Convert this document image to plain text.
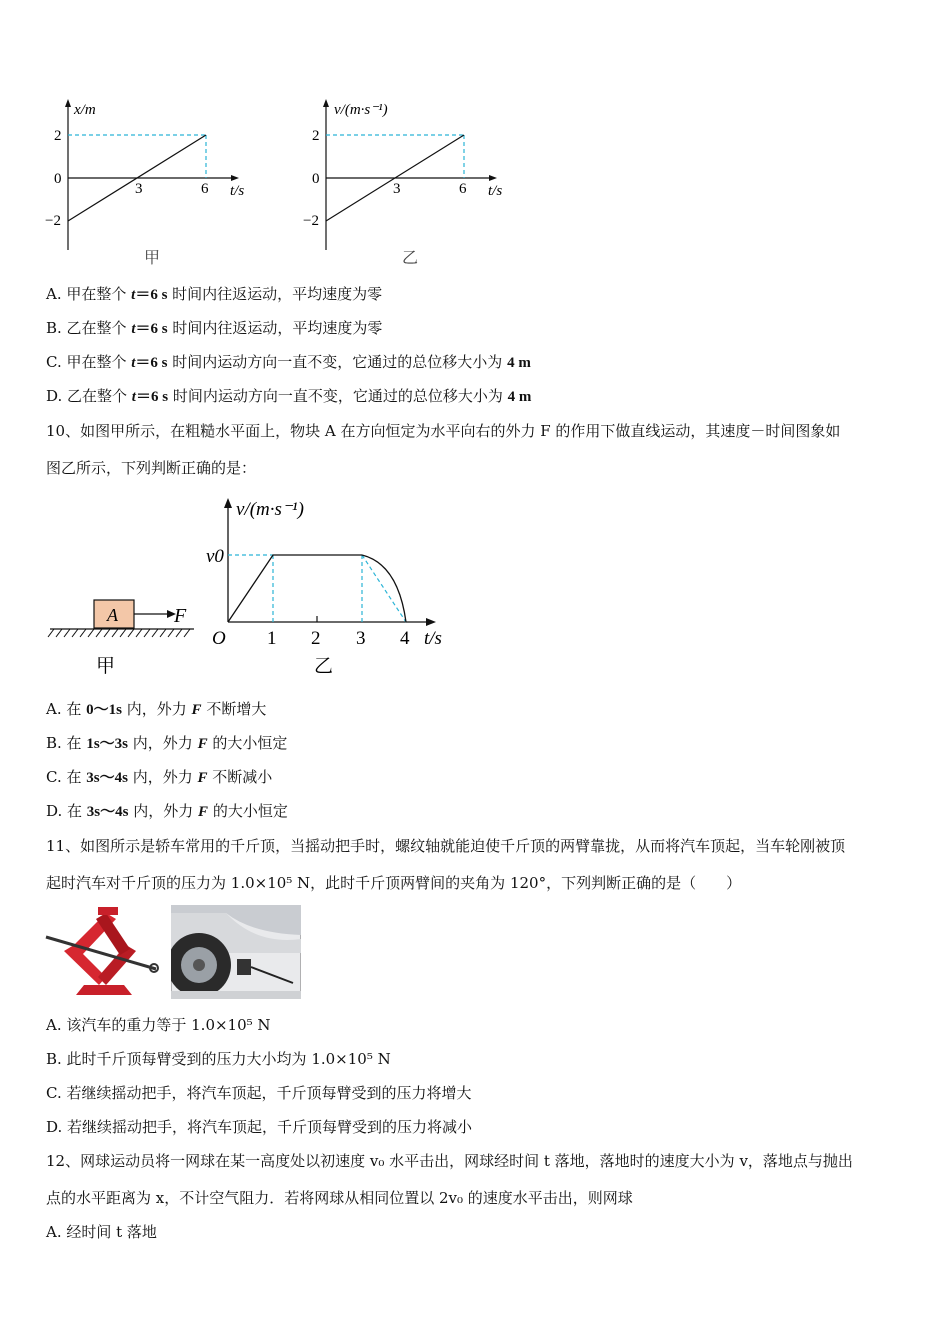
x/m
2
0
−2
3	6 t/s
甲
v/(m·s⁻¹)
2
0
−2
3	6 t/s
乙
A. 甲在整个 t＝6 s 时间内往返运动，平均速度为零
B. 乙在整个 t＝6 s 时间内往返运动，平均速度为零
C. 甲在整个 t＝6 s 时间内运动方向一直不变，它通过的总位移大小为 4 m
D. 乙在整个 t＝6 s 时间内运动方向一直不变，它通过的总位移大小为 4 m
10、如图甲所示，在粗糙水平面上，物块 A 在方向恒定为水平向右的外力 F 的作用下做直线运动，其速度－时间图象如
图乙所示，下列判断正确的是：
A	F
甲
v/(m·s⁻¹)
v0
O 1 2 3 4 t/s
乙
A. 在 0～1s 内，外力 F 不断增大
B. 在 1s～3s 内，外力 F 的大小恒定
C. 在 3s～4s 内，外力 F 不断减小
D. 在 3s～4s 内，外力 F 的大小恒定
11、如图所示是轿车常用的千斤顶，当摇动把手时，螺纹轴就能迫使千斤顶的两臂靠拢，从而将汽车顶起，当车轮刚被顶
起时汽车对千斤顶的压力为 1.0×10⁵ N，此时千斤顶两臂间的夹角为 120°，下列判断正确的是（　　）
A. 该汽车的重力等于 1.0×10⁵ N
B. 此时千斤顶每臂受到的压力大小均为 1.0×10⁵ N
C. 若继续摇动把手，将汽车顶起，千斤顶每臂受到的压力将增大
D. 若继续摇动把手，将汽车顶起，千斤顶每臂受到的压力将减小
12、网球运动员将一网球在某一高度处以初速度 v₀ 水平击出，网球经时间 t 落地，落地时的速度大小为 v，落地点与抛出
点的水平距离为 x，不计空气阻力．若将网球从相同位置以 2v₀ 的速度水平击出，则网球
A. 经时间 t 落地
